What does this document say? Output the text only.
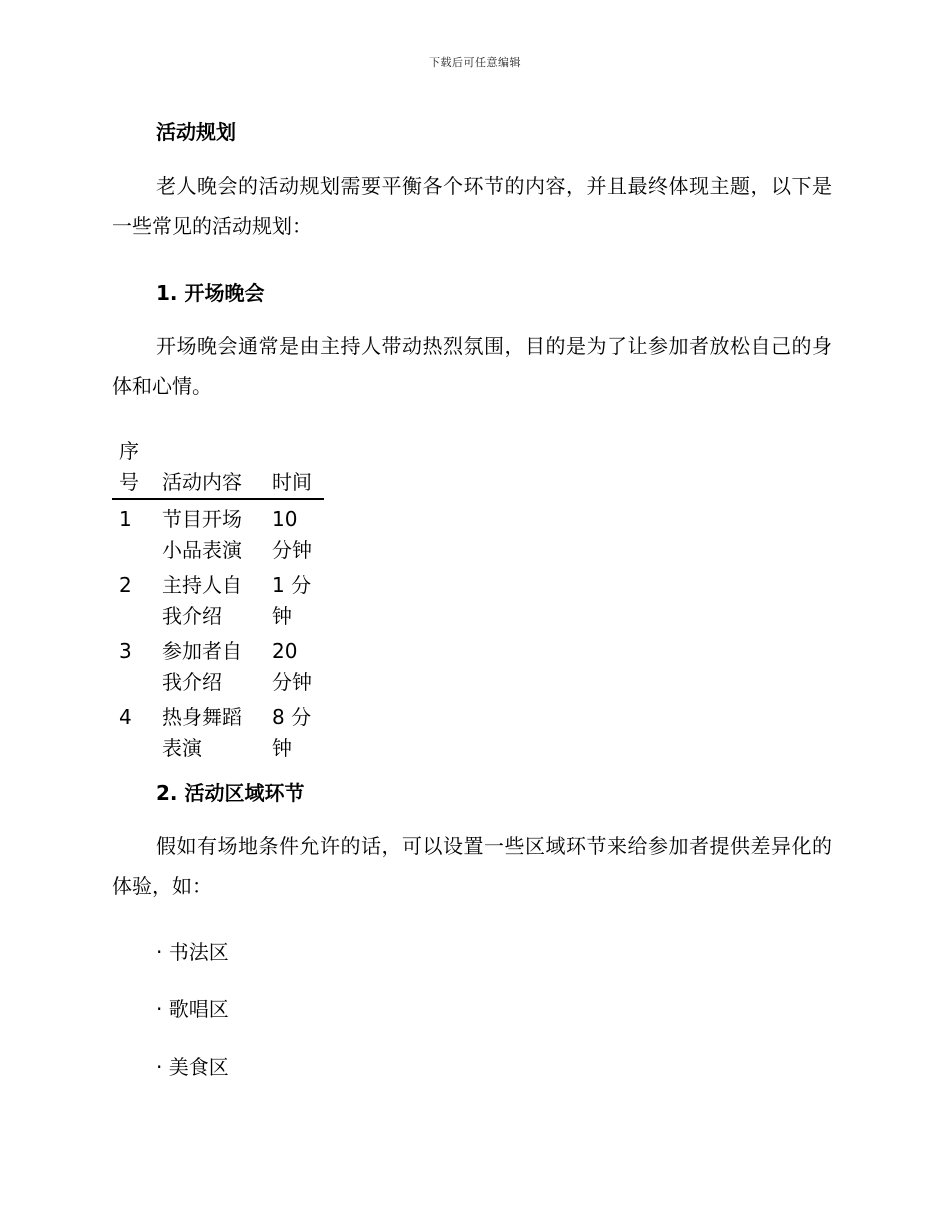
下载后可任意编辑
活动规划

老人晚会的活动规划需要平衡各个环节的内容，并且最终体现主题，以下是一些常见的活动规划：

1. 开场晚会

开场晚会通常是由主持人带动热烈氛围，目的是为了让参加者放松自己的身体和心情。

序号	活动内容	时间
1	节目开场小品表演	10 分钟
2	主持人自我介绍	1 分钟
3	参加者自我介绍	20 分钟
4	热身舞蹈表演	8 分钟
2. 活动区域环节

假如有场地条件允许的话，可以设置一些区域环节来给参加者提供差异化的体验，如：

· 书法区
· 歌唱区
· 美食区
